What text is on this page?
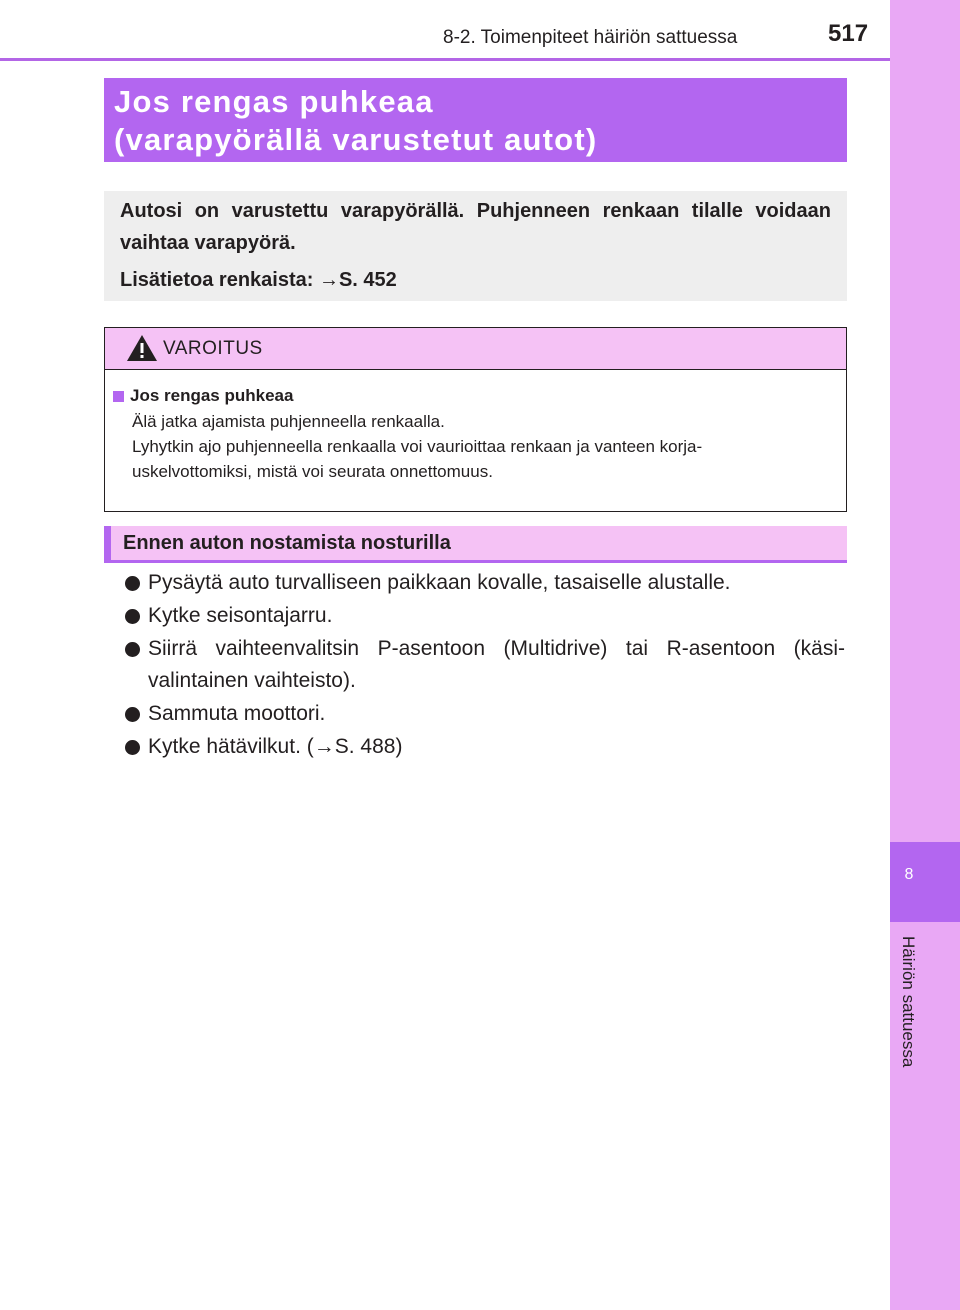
8-2. Toimenpiteet häiriön sattuessa	517
8
Häiriön sattuessa
Jos rengas puhkeaa
(varapyörällä varustetut autot)

Autosi on varustettu varapyörällä. Puhjenneen renkaan tilalle voidaan vaihtaa varapyörä.

Lisätietoa renkaista: →S. 452

VAROITUS
Jos rengas puhkeaa
Älä jatka ajamista puhjenneella renkaalla.
Lyhytkin ajo puhjenneella renkaalla voi vaurioittaa renkaan ja vanteen korja-
uskelvottomiksi, mistä voi seurata onnettomuus.
Ennen auton nostamista nosturilla
Pysäytä auto turvalliseen paikkaan kovalle, tasaiselle alustalle.
Kytke seisontajarru.
Siirrä vaihteenvalitsin P-asentoon (Multidrive) tai R-asentoon (käsi-valintainen vaihteisto).
Sammuta moottori.
Kytke hätävilkut. (→S. 488)
